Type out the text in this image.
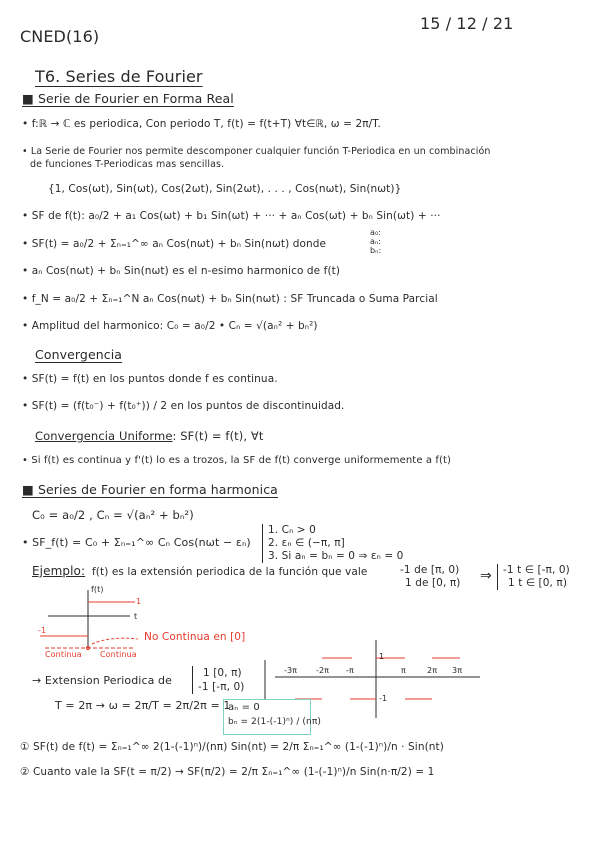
15 / 12 / 21
CNED(16)
T6. Series de Fourier
■ Serie de Fourier en Forma Real
• f:ℝ → ℂ es periodica, Con periodo T, f(t) = f(t+T) ∀t∈ℝ, ω = 2π/T.
• La Serie de Fourier nos permite descomponer cualquier función T-Periodica en un combinación
de funciones T-Periodicas mas sencillas.
{1, Cos(ωt), Sin(ωt), Cos(2ωt), Sin(2ωt), . . . , Cos(nωt), Sin(nωt)}
• SF de f(t): a₀/2 + a₁ Cos(ωt) + b₁ Sin(ωt) + ··· + aₙ Cos(ωt) + bₙ Sin(ωt) + ···
• SF(t) = a₀/2 + Σₙ₌₁^∞ aₙ Cos(nωt) + bₙ Sin(nωt) donde
a₀:
aₙ:
bₙ:
• aₙ Cos(nωt) + bₙ Sin(nωt) es el n-esimo harmonico de f(t)
• f_N = a₀/2 + Σₙ₌₁^N aₙ Cos(nωt) + bₙ Sin(nωt) : SF Truncada o Suma Parcial
• Amplitud del harmonico: C₀ = a₀/2 • Cₙ = √(aₙ² + bₙ²)
Convergencia
• SF(t) = f(t) en los puntos donde f es continua.
• SF(t) = (f(t₀⁻) + f(t₀⁺)) / 2 en los puntos de discontinuidad.
Convergencia Uniforme: SF(t) = f(t), ∀t
• Si f(t) es continua y f'(t) lo es a trozos, la SF de f(t) converge uniformemente a f(t)
■ Series de Fourier en forma harmonica
C₀ = a₀/2 , Cₙ = √(aₙ² + bₙ²)
• SF_f(t) = C₀ + Σₙ₌₁^∞ Cₙ Cos(nωt − εₙ)
1. Cₙ > 0
2. εₙ ∈ (−π, π]
3. Si aₙ = bₙ = 0 ⇒ εₙ = 0
Ejemplo: f(t) es la extensión periodica de la función que vale	-1 de [π, 0)
1 de [0, π) ⇒ -1 t ∈ [-π, 0)
1 t ∈ [0, π)
f(t)
t
1
-1
No Continua en [0]
Continua Continua
-3π -2π -π	π	2π 3π
1
-1
→ Extension Periodica de
1 [0, π)
-1 [-π, 0)
T = 2π → ω = 2π/T = 2π/2π = 1
aₙ = 0
bₙ = 2(1-(-1)ⁿ) / (nπ)
① SF(t) de f(t) = Σₙ₌₁^∞ 2(1-(-1)ⁿ)/(nπ) Sin(nt) = 2/π Σₙ₌₁^∞ (1-(-1)ⁿ)/n · Sin(nt)
② Cuanto vale la SF(t = π/2) → SF(π/2) = 2/π Σₙ₌₁^∞ (1-(-1)ⁿ)/n Sin(n·π/2) = 1
